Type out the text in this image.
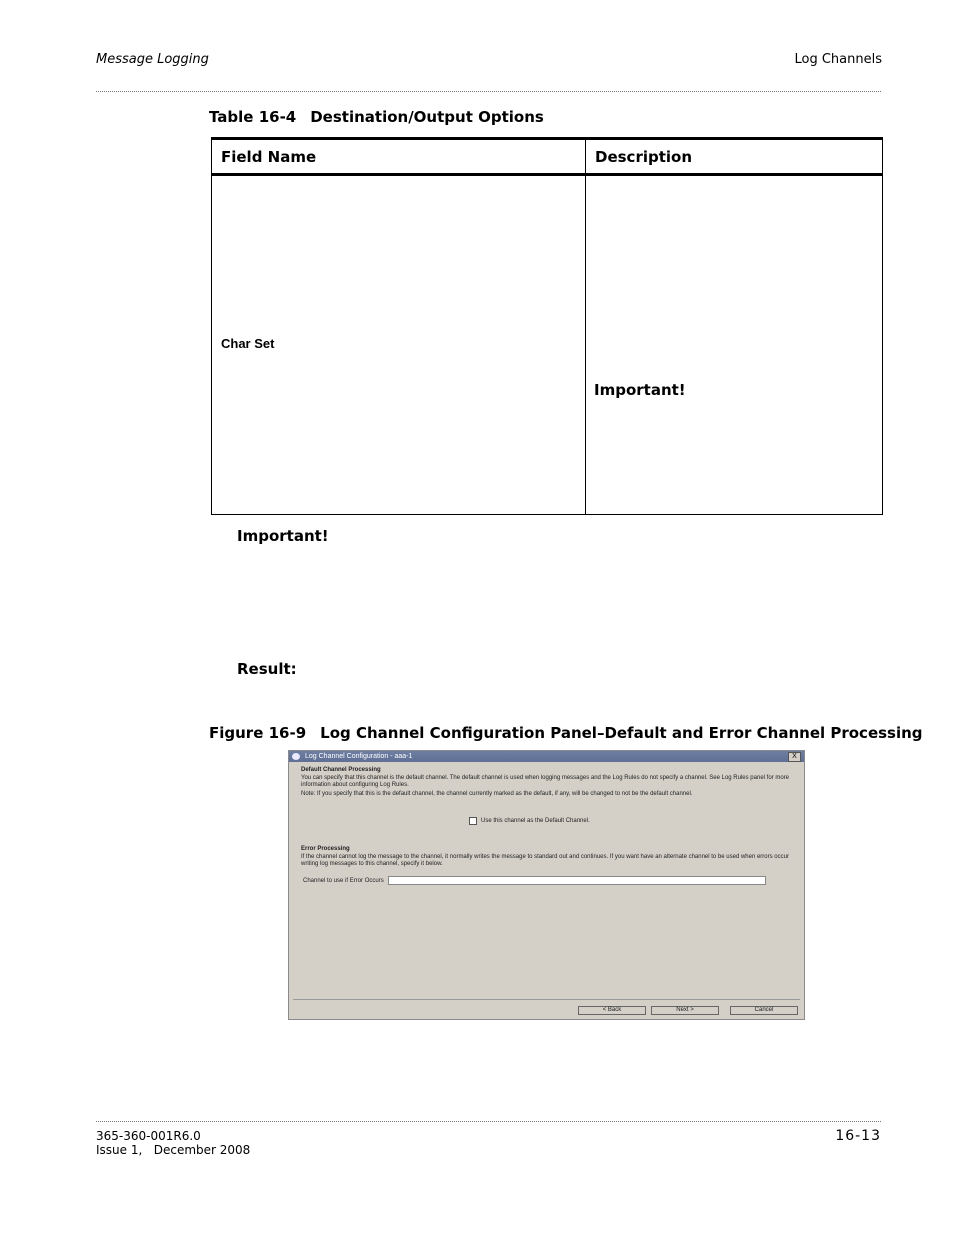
Message Logging	Log Channels
Table 16-4 Destination/Output Options
Field Name	Description

Char Set	Important!
Important!
Result:
Figure 16-9 Log Channel Configuration Panel–Default and Error Channel Processing
Log Channel Configuration - aaa-1	X
Default Channel Processing
You can specify that this channel is the default channel. The default channel is used when logging messages and the Log Rules do not specify a channel. See Log Rules panel for more information about configuring Log Rules.
Note: If you specify that this is the default channel, the channel currently marked as the default, if any, will be changed to not be the default channel.
Use this channel as the Default Channel.
Error Processing
If the channel cannot log the message to the channel, it normally writes the message to standard out and continues. If you want have an alternate channel to be used when errors occur writing log messages to this channel, specify it below.
Channel to use if Error Occurs
< Back	Next >	Cancel
365-360-001R6.0
Issue 1,   December 2008
16-13
